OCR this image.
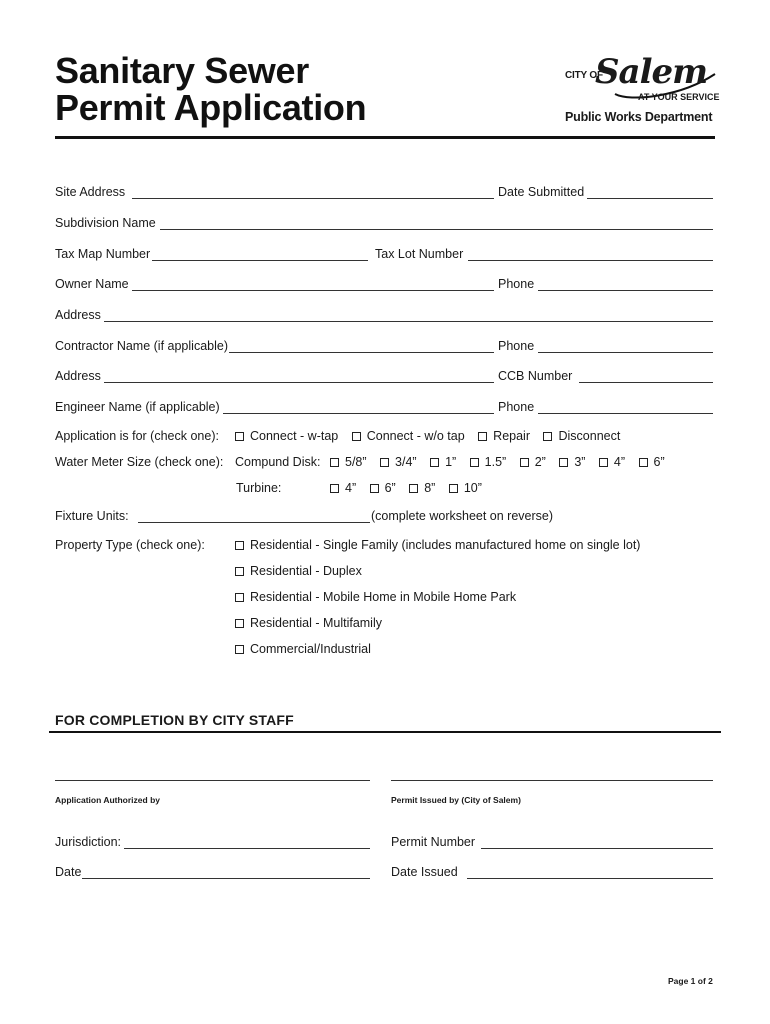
Sanitary Sewer
Permit Application
CITY OF
Salem
AT YOUR SERVICE
Public Works Department
Site Address	Date Submitted
Subdivision Name
Tax Map Number	Tax Lot Number
Owner Name	Phone
Address
Contractor Name (if applicable)	Phone
Address	CCB Number
Engineer Name (if applicable)	Phone
Application is for (check one):	Connect - w-tap Connect - w/o tap Repair Disconnect
Water Meter Size (check one): Compund Disk:	5/8” 3/4” 1” 1.5” 2” 3” 4” 6”
Turbine:	4” 6” 8” 10”
Fixture Units:	(complete worksheet on reverse)
Property Type (check one):	Residential - Single Family (includes manufactured home on single lot)
Residential - Duplex
Residential - Mobile Home in Mobile Home Park
Residential - Multifamily
Commercial/Industrial
FOR COMPLETION BY CITY STAFF
Application Authorized by	Permit Issued by (City of Salem)
Jurisdiction:	Permit Number
Date	Date Issued
Page 1 of 2
